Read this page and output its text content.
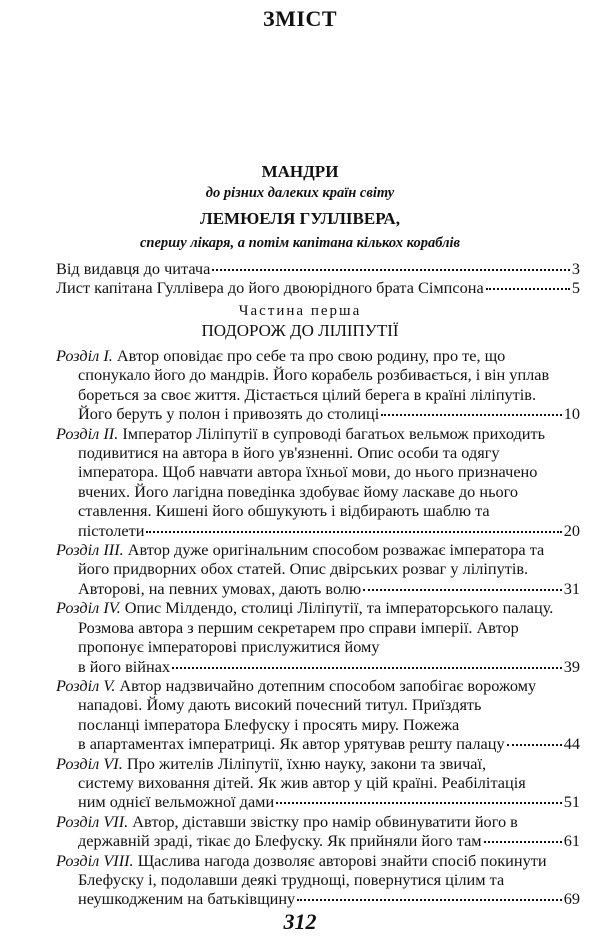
ЗМІСТ
МАНДРИ
до різних далеких країн світу
ЛЕМЮЕЛЯ ГУЛЛІВЕРА,
спершу лікаря, а потім капітана кількох кораблів
Від видавця до читача	3
Лист капітана Гуллівера до його двоюрідного брата Сімпсона	5
Частина перша
ПОДОРОЖ ДО ЛІЛІПУТІЇ
Розділ I. Автор оповідає про себе та про свою родину, про те, що
спонукало його до мандрів. Його корабель розбивається, і він уплав
бореться за своє життя. Дістається цілий берега в країні ліліпутів.
Його беруть у полон і привозять до столиці	10
Розділ II. Імператор Ліліпутії в супроводі багатьох вельмож приходить
подивитися на автора в його ув'язненні. Опис особи та одягу
імператора. Щоб навчати автора їхньої мови, до нього призначено
вчених. Його лагідна поведінка здобуває йому ласкаве до нього
ставлення. Кишені його обшукують і відбирають шаблю та
пістолети	20
Розділ III. Автор дуже оригінальним способом розважає імператора та
його придворних обох статей. Опис двірських розваг у ліліпутів.
Авторові, на певних умовах, дають волю	31
Розділ IV. Опис Мілдендо, столиці Ліліпутії, та імператорського палацу.
Розмова автора з першим секретарем про справи імперії. Автор
пропонує імператорові прислужитися йому
в його війнах	39
Розділ V. Автор надзвичайно дотепним способом запобігає ворожому
нападові. Йому дають високий почесний титул. Приїздять
посланці імператора Блефуску і просять миру. Пожежа
в апартаментах імператриці. Як автор урятував решту палацу	44
Розділ VI. Про жителів Ліліпутії, їхню науку, закони та звичаї,
систему виховання дітей. Як жив автор у цій країні. Реабілітація
ним однієї вельможної дами	51
Розділ VII. Автор, діставши звістку про намір обвинуватити його в
державній зраді, тікає до Блефуску. Як прийняли його там	61
Розділ VIII. Щаслива нагода дозволяє авторові знайти спосіб покинути
Блефуску і, подолавши деякі труднощі, повернутися цілим та
неушкодженим на батьківщину	69
312
